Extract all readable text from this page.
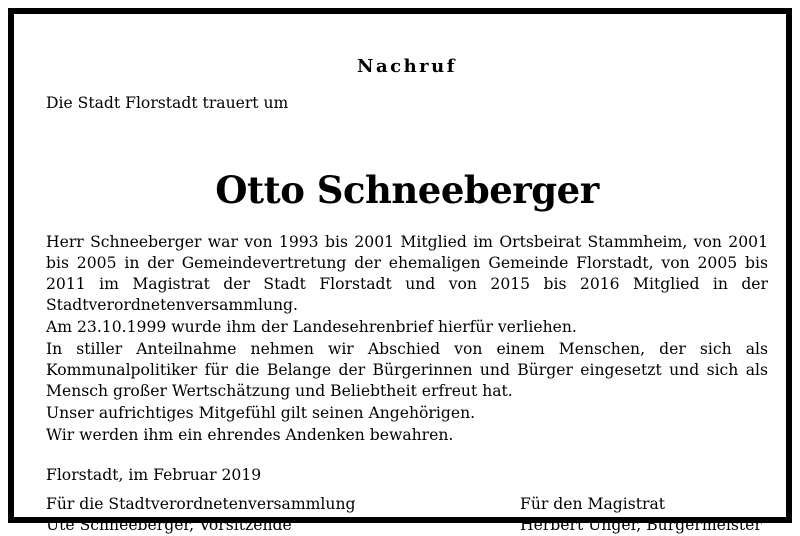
Nachruf
Die Stadt Florstadt trauert um
Otto Schneeberger

Herr Schneeberger war von 1993 bis 2001 Mitglied im Ortsbeirat Stammheim, von 2001 bis 2005 in der Gemeindevertretung der ehemaligen Gemeinde Florstadt, von 2005 bis 2011 im Magistrat der Stadt Florstadt und von 2015 bis 2016 Mitglied in der Stadtverordnetenversammlung.

Am 23.10.1999 wurde ihm der Landesehrenbrief hierfür verliehen.

In stiller Anteilnahme nehmen wir Abschied von einem Menschen, der sich als Kommunalpolitiker für die Belange der Bürgerinnen und Bürger eingesetzt und sich als Mensch großer Wertschätzung und Beliebtheit erfreut hat.

Unser aufrichtiges Mitgefühl gilt seinen Angehörigen.

Wir werden ihm ein ehrendes Andenken bewahren.

Florstadt, im Februar 2019
Für die Stadtverordnetenversammlung
Ute Schneeberger, Vorsitzende
Für den Magistrat
Herbert Unger, Bürgermeister
